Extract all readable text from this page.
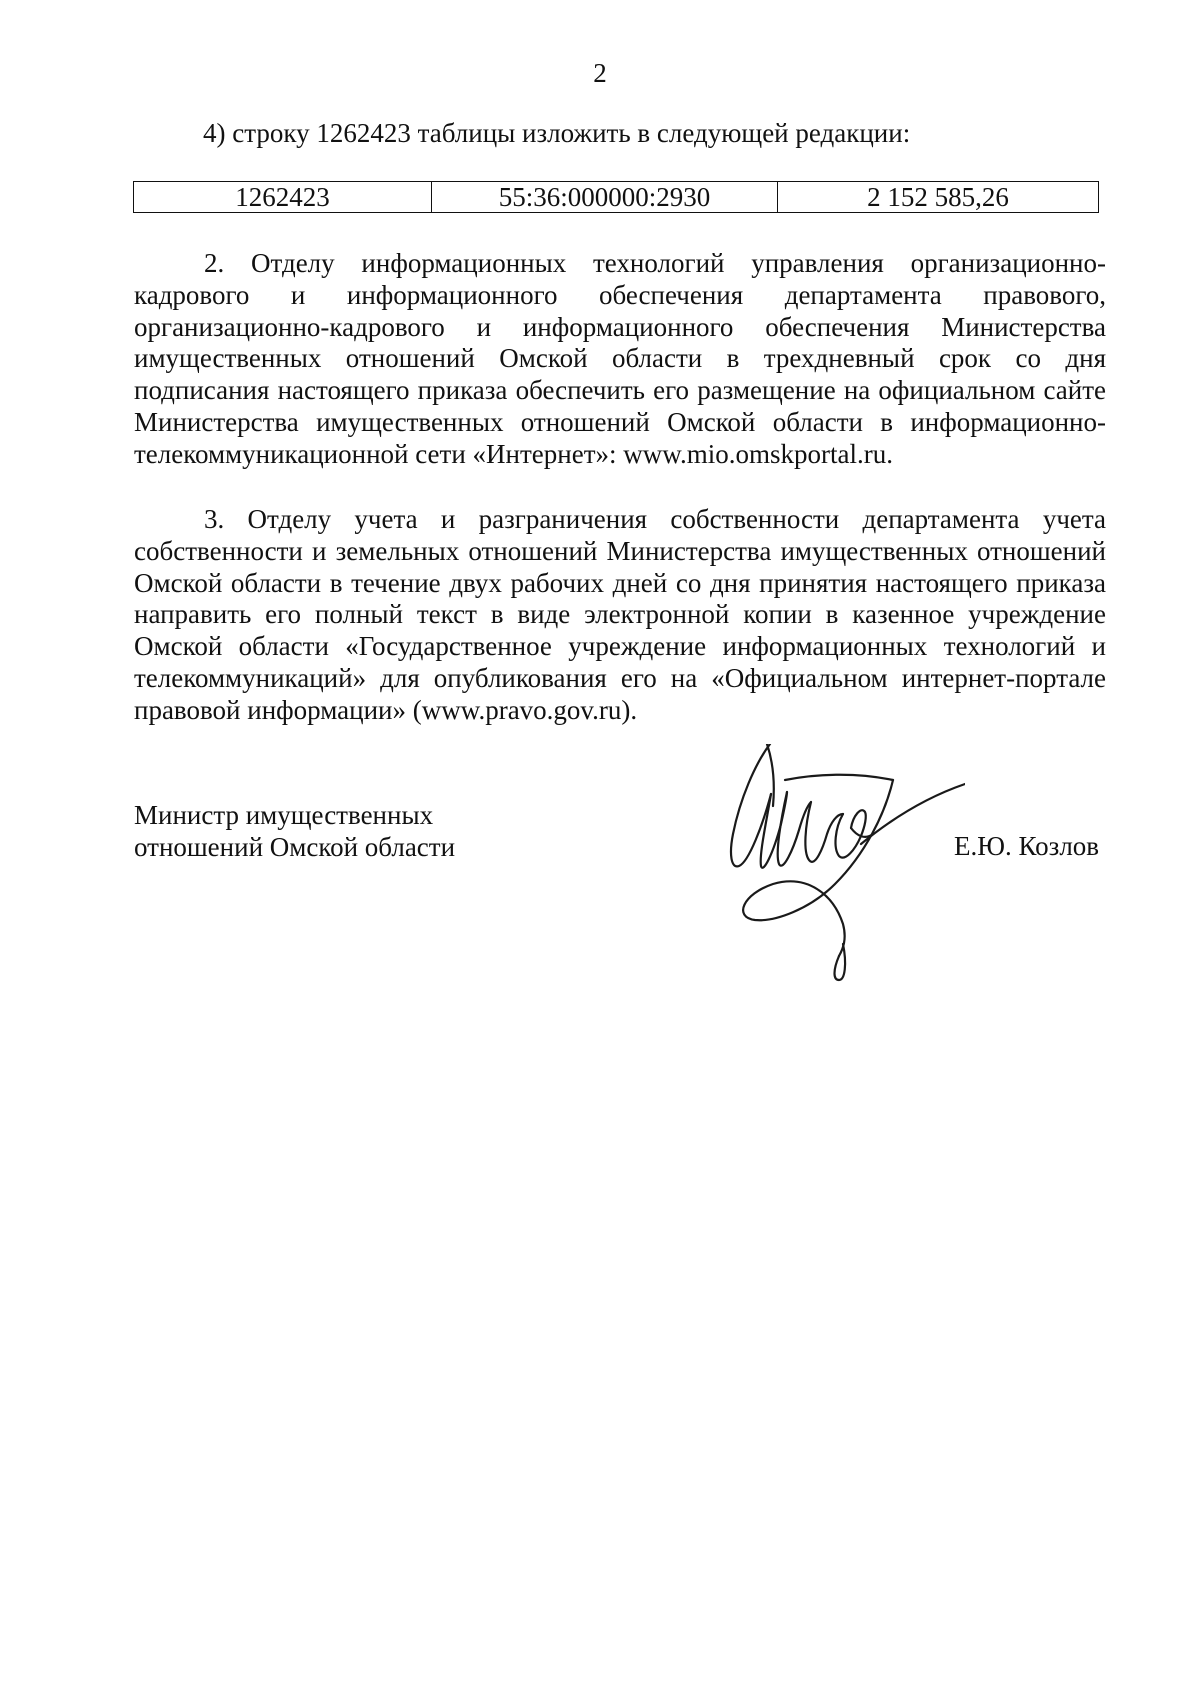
2
4) строку 1262423 таблицы изложить в следующей редакции:
1262423	55:36:000000:2930	2 152 585,26

2. Отделу информационных технологий управления организационно-кадрового и информационного обеспечения департамента правового, организационно-кадрового и информационного обеспечения Министерства имущественных отношений Омской области в трехдневный срок со дня подписания настоящего приказа обеспечить его размещение на официальном сайте Министерства имущественных отношений Омской области в информационно-телекоммуникационной сети «Интернет»: www.mio.omskportal.ru.

3. Отделу учета и разграничения собственности департамента учета собственности и земельных отношений Министерства имущественных отношений Омской области в течение двух рабочих дней со дня принятия настоящего приказа направить его полный текст в виде электронной копии в казенное учреждение Омской области «Государственное учреждение информационных технологий и телекоммуникаций» для опубликования его на «Официальном интернет-портале правовой информации» (www.pravo.gov.ru).

Министр имущественных
отношений Омской области	Е.Ю. Козлов
